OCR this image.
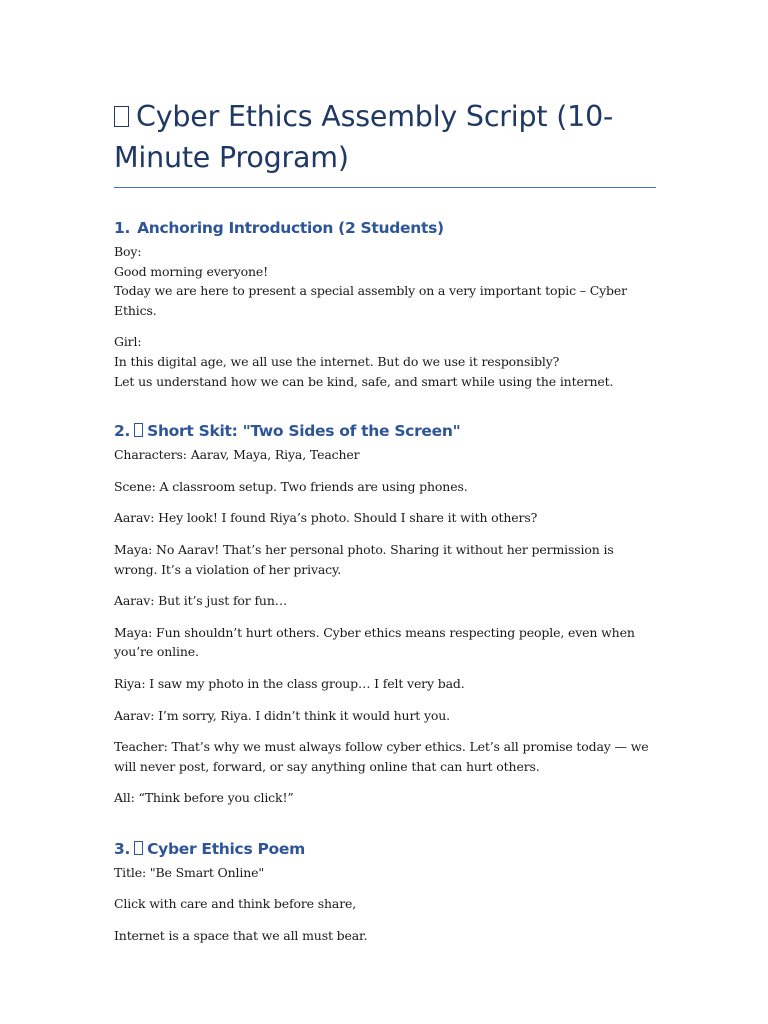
Cyber Ethics Assembly Script (10-Minute Program)
1. Anchoring Introduction (2 Students)

Boy:

Good morning everyone!

Today we are here to present a special assembly on a very important topic – Cyber Ethics.

Girl:

In this digital age, we all use the internet. But do we use it responsibly?

Let us understand how we can be kind, safe, and smart while using the internet.

2. Short Skit: "Two Sides of the Screen"

Characters: Aarav, Maya, Riya, Teacher

Scene: A classroom setup. Two friends are using phones.

Aarav: Hey look! I found Riya’s photo. Should I share it with others?

Maya: No Aarav! That’s her personal photo. Sharing it without her permission is wrong. It’s a violation of her privacy.

Aarav: But it’s just for fun…

Maya: Fun shouldn’t hurt others. Cyber ethics means respecting people, even when you’re online.

Riya: I saw my photo in the class group… I felt very bad.

Aarav: I’m sorry, Riya. I didn’t think it would hurt you.

Teacher: That’s why we must always follow cyber ethics. Let’s all promise today — we will never post, forward, or say anything online that can hurt others.

All: “Think before you click!”

3. Cyber Ethics Poem

Title: "Be Smart Online"

Click with care and think before share,

Internet is a space that we all must bear.
